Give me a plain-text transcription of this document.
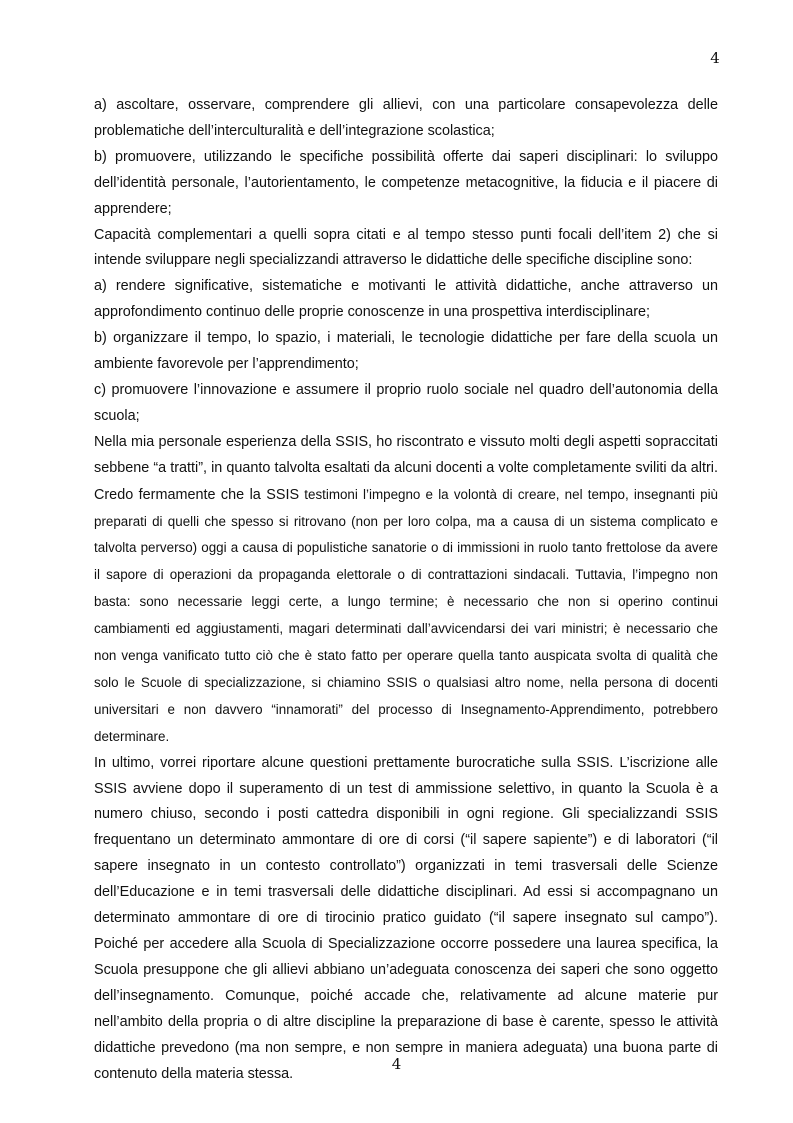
4

a) ascoltare, osservare, comprendere gli allievi, con una particolare consapevolezza delle problematiche dell’interculturalità e dell’integrazione scolastica;

b) promuovere, utilizzando le specifiche possibilità offerte dai saperi disciplinari: lo sviluppo dell’identità personale, l’autorientamento, le competenze metacognitive, la fiducia e il piacere di apprendere;

Capacità complementari a quelli sopra citati e al tempo stesso punti focali dell’item 2) che si intende sviluppare negli specializzandi attraverso le didattiche delle specifiche discipline sono:

a) rendere significative, sistematiche e motivanti le attività didattiche, anche attraverso un approfondimento continuo delle proprie conoscenze in una prospettiva interdisciplinare;

b) organizzare il tempo, lo spazio, i materiali, le tecnologie didattiche per fare della scuola un ambiente favorevole per l’apprendimento;

c) promuovere l’innovazione e assumere il proprio ruolo sociale nel quadro dell’autonomia della scuola;

Nella mia personale esperienza della SSIS, ho riscontrato e vissuto molti degli aspetti sopraccitati sebbene “a tratti”, in quanto talvolta esaltati da alcuni docenti a volte completamente sviliti da altri. Credo fermamente che la SSIS testimoni l’impegno e la volontà di creare, nel tempo, insegnanti più preparati di quelli che spesso si ritrovano (non per loro colpa, ma a causa di un sistema complicato e talvolta perverso) oggi a causa di populistiche sanatorie o di immissioni in ruolo tanto frettolose da avere il sapore di operazioni da propaganda elettorale o di contrattazioni sindacali. Tuttavia, l’impegno non basta: sono necessarie leggi certe, a lungo termine; è necessario che non si operino continui cambiamenti ed aggiustamenti, magari determinati dall’avvicendarsi dei vari ministri; è necessario che non venga vanificato tutto ciò che è stato fatto per operare quella tanto auspicata svolta di qualità che solo le Scuole di specializzazione, si chiamino SSIS o qualsiasi altro nome, nella persona di docenti universitari e non davvero “innamorati” del processo di Insegnamento-Apprendimento, potrebbero determinare.

In ultimo, vorrei riportare alcune questioni prettamente burocratiche sulla SSIS. L’iscrizione alle SSIS avviene dopo il superamento di un test di ammissione selettivo, in quanto la Scuola è a numero chiuso, secondo i posti cattedra disponibili in ogni regione. Gli specializzandi SSIS frequentano un determinato ammontare di ore di corsi (“il sapere sapiente”) e di laboratori (“il sapere insegnato in un contesto controllato”) organizzati in temi trasversali delle Scienze dell’Educazione e in temi trasversali delle didattiche disciplinari. Ad essi si accompagnano un determinato ammontare di ore di tirocinio pratico guidato (“il sapere insegnato sul campo”). Poiché per accedere alla Scuola di Specializzazione occorre possedere una laurea specifica, la Scuola presuppone che gli allievi abbiano un’adeguata conoscenza dei saperi che sono oggetto dell’insegnamento. Comunque, poiché accade che, relativamente ad alcune materie pur nell’ambito della propria o di altre discipline la preparazione di base è carente, spesso le attività didattiche prevedono (ma non sempre, e non sempre in maniera adeguata) una buona parte di contenuto della materia stessa.

4
